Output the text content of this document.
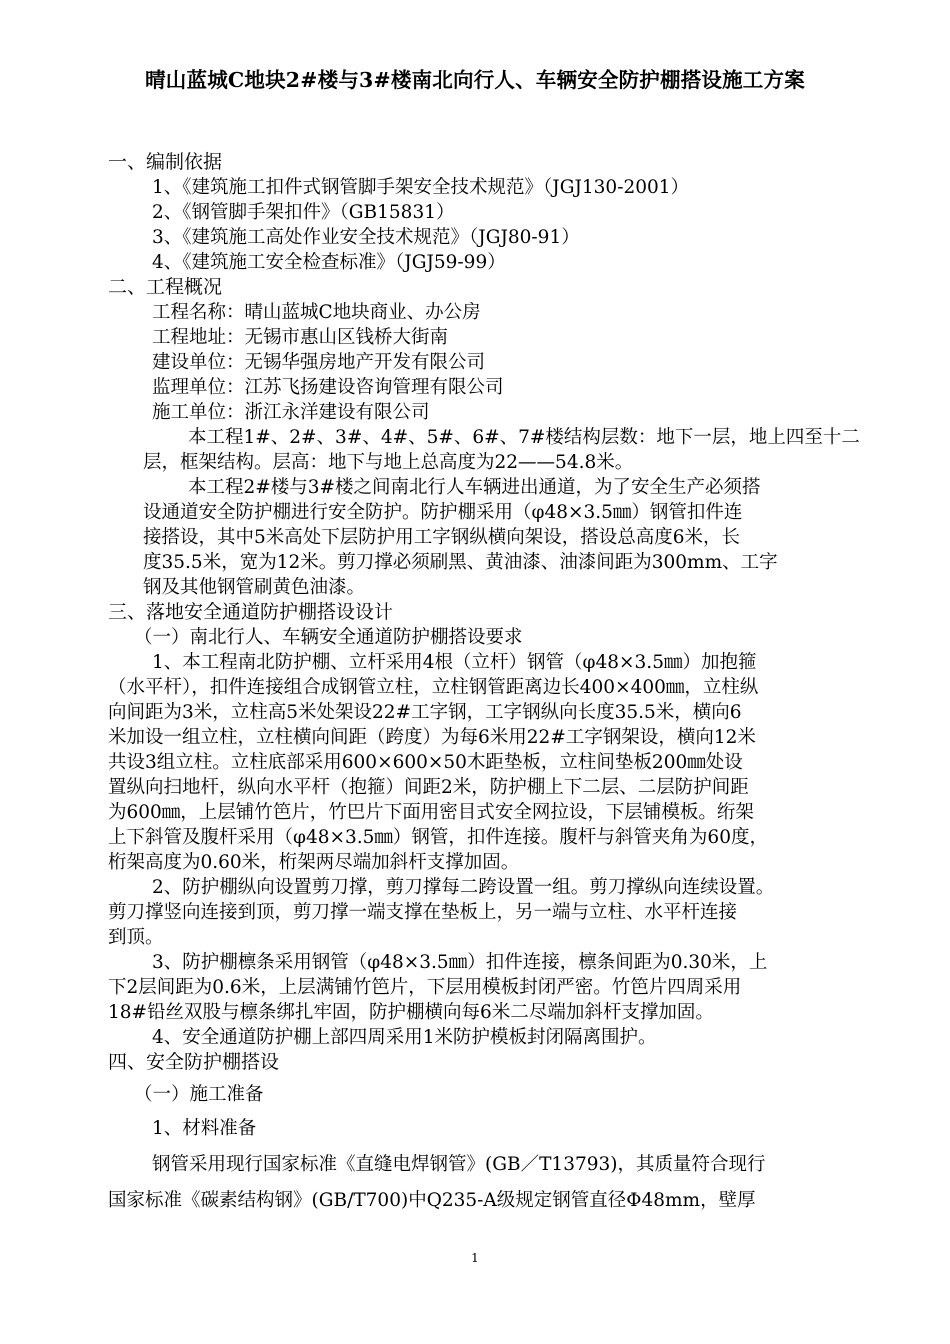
晴山蓝城C地块2#楼与3#楼南北向行人、车辆安全防护棚搭设施工方案
一、编制依据
1、《建筑施工扣件式钢管脚手架安全技术规范》（JGJ130-2001）
2、《钢管脚手架扣件》（GB15831）
3、《建筑施工高处作业安全技术规范》（JGJ80-91）
4、《建筑施工安全检查标准》（JGJ59-99）
二、工程概况
工程名称：晴山蓝城C地块商业、办公房
工程地址：无锡市惠山区钱桥大街南
建设单位：无锡华强房地产开发有限公司
监理单位：江苏飞扬建设咨询管理有限公司
施工单位：浙江永洋建设有限公司
本工程1#、2#、3#、4#、5#、6#、7#楼结构层数：地下一层，地上四至十二
层，框架结构。层高：地下与地上总高度为22——54.8米。
本工程2#楼与3#楼之间南北行人车辆进出通道，为了安全生产必须搭
设通道安全防护棚进行安全防护。防护棚采用（φ48×3.5㎜）钢管扣件连
接搭设，其中5米高处下层防护用工字钢纵横向架设，搭设总高度6米，长
度35.5米，宽为12米。剪刀撑必须刷黑、黄油漆、油漆间距为300mm、工字
钢及其他钢管刷黄色油漆。
三、落地安全通道防护棚搭设设计
（一）南北行人、车辆安全通道防护棚搭设要求
1、本工程南北防护棚、立杆采用4根（立杆）钢管（φ48×3.5㎜）加抱箍
（水平杆），扣件连接组合成钢管立柱，立柱钢管距离边长400×400㎜，立柱纵
向间距为3米，立柱高5米处架设22#工字钢，工字钢纵向长度35.5米，横向6
米加设一组立柱，立柱横向间距（跨度）为每6米用22#工字钢架设，横向12米
共设3组立柱。立柱底部采用600×600×50木距垫板，立柱间垫板200㎜处设
置纵向扫地杆，纵向水平杆（抱箍）间距2米，防护棚上下二层、二层防护间距
为600㎜，上层铺竹笆片，竹巴片下面用密目式安全网拉设，下层铺模板。绗架
上下斜管及腹杆采用（φ48×3.5㎜）钢管，扣件连接。腹杆与斜管夹角为60度，
桁架高度为0.60米，桁架两尽端加斜杆支撑加固。
2、防护棚纵向设置剪刀撑，剪刀撑每二跨设置一组。剪刀撑纵向连续设置。
剪刀撑竖向连接到顶，剪刀撑一端支撑在垫板上，另一端与立柱、水平杆连接
到顶。
3、防护棚檩条采用钢管（φ48×3.5㎜）扣件连接，檩条间距为0.30米，上
下2层间距为0.6米，上层满铺竹笆片，下层用模板封闭严密。竹笆片四周采用
18#铅丝双股与檩条绑扎牢固，防护棚横向每6米二尽端加斜杆支撑加固。
4、安全通道防护棚上部四周采用1米防护模板封闭隔离围护。
四、安全防护棚搭设
（一）施工准备
1、材料准备
钢管采用现行国家标准《直缝电焊钢管》(GB／T13793)，其质量符合现行
国家标准《碳素结构钢》(GB/T700)中Q235-A级规定钢管直径Φ48mm，壁厚
1
